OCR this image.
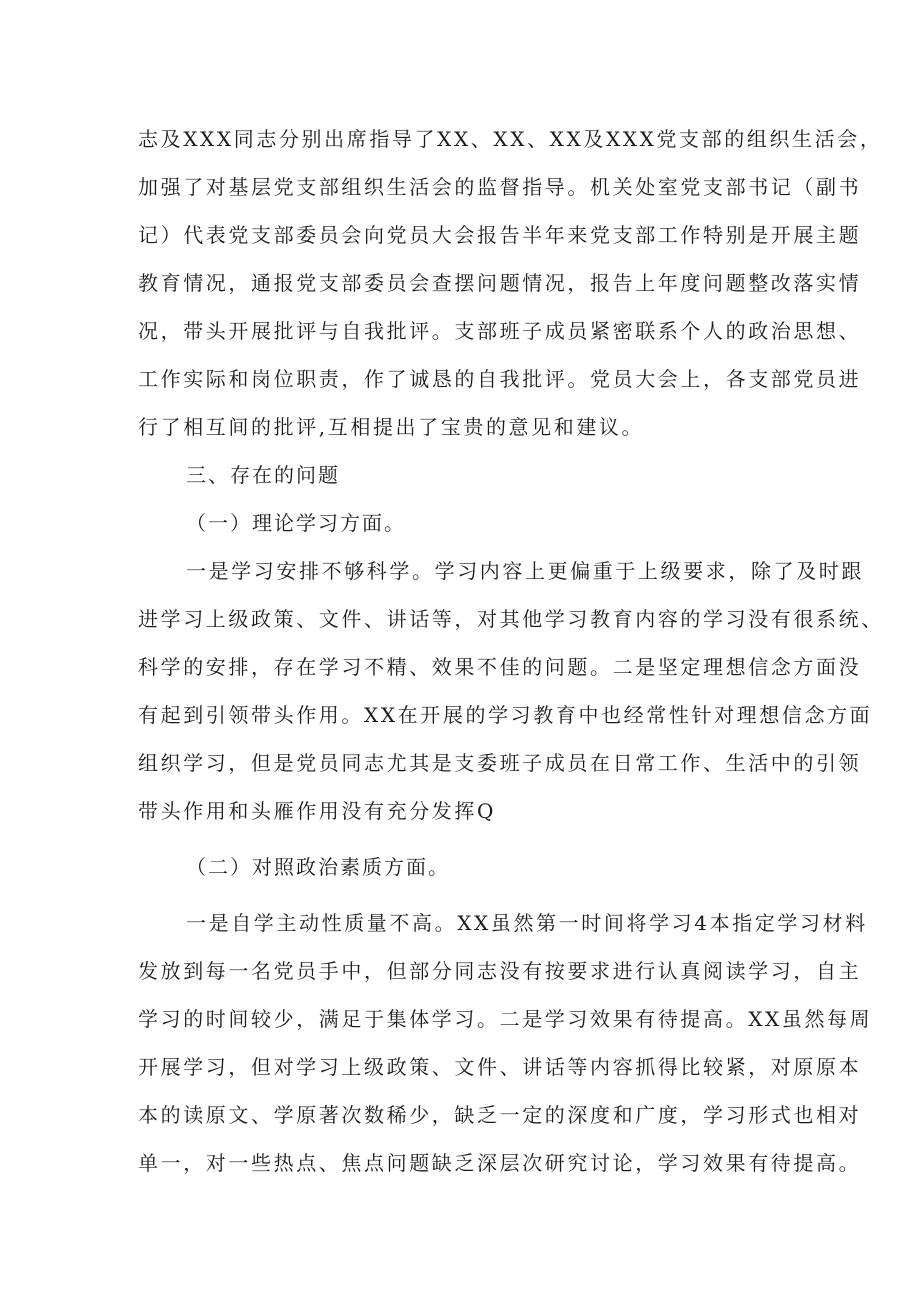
志及XXX同志分别出席指导了XX、XX、XX及XXX党支部的组织生活会，
加强了对基层党支部组织生活会的监督指导。机关处室党支部书记（副书
记）代表党支部委员会向党员大会报告半年来党支部工作特别是开展主题
教育情况，通报党支部委员会查摆问题情况，报告上年度问题整改落实情
况，带头开展批评与自我批评。支部班子成员紧密联系个人的政治思想、
工作实际和岗位职责，作了诚恳的自我批评。党员大会上，各支部党员进
行了相互间的批评,互相提出了宝贵的意见和建议。
三、存在的问题
（一）理论学习方面。
一是学习安排不够科学。学习内容上更偏重于上级要求，除了及时跟
进学习上级政策、文件、讲话等，对其他学习教育内容的学习没有很系统、
科学的安排，存在学习不精、效果不佳的问题。二是坚定理想信念方面没
有起到引领带头作用。XX在开展的学习教育中也经常性针对理想信念方面
组织学习，但是党员同志尤其是支委班子成员在日常工作、生活中的引领
带头作用和头雁作用没有充分发挥Q
（二）对照政治素质方面。
一是自学主动性质量不高。XX虽然第一时间将学习4本指定学习材料
发放到每一名党员手中，但部分同志没有按要求进行认真阅读学习，自主
学习的时间较少，满足于集体学习。二是学习效果有待提高。XX虽然每周
开展学习，但对学习上级政策、文件、讲话等内容抓得比较紧，对原原本
本的读原文、学原著次数稀少，缺乏一定的深度和广度，学习形式也相对
单一，对一些热点、焦点问题缺乏深层次研究讨论，学习效果有待提高。
